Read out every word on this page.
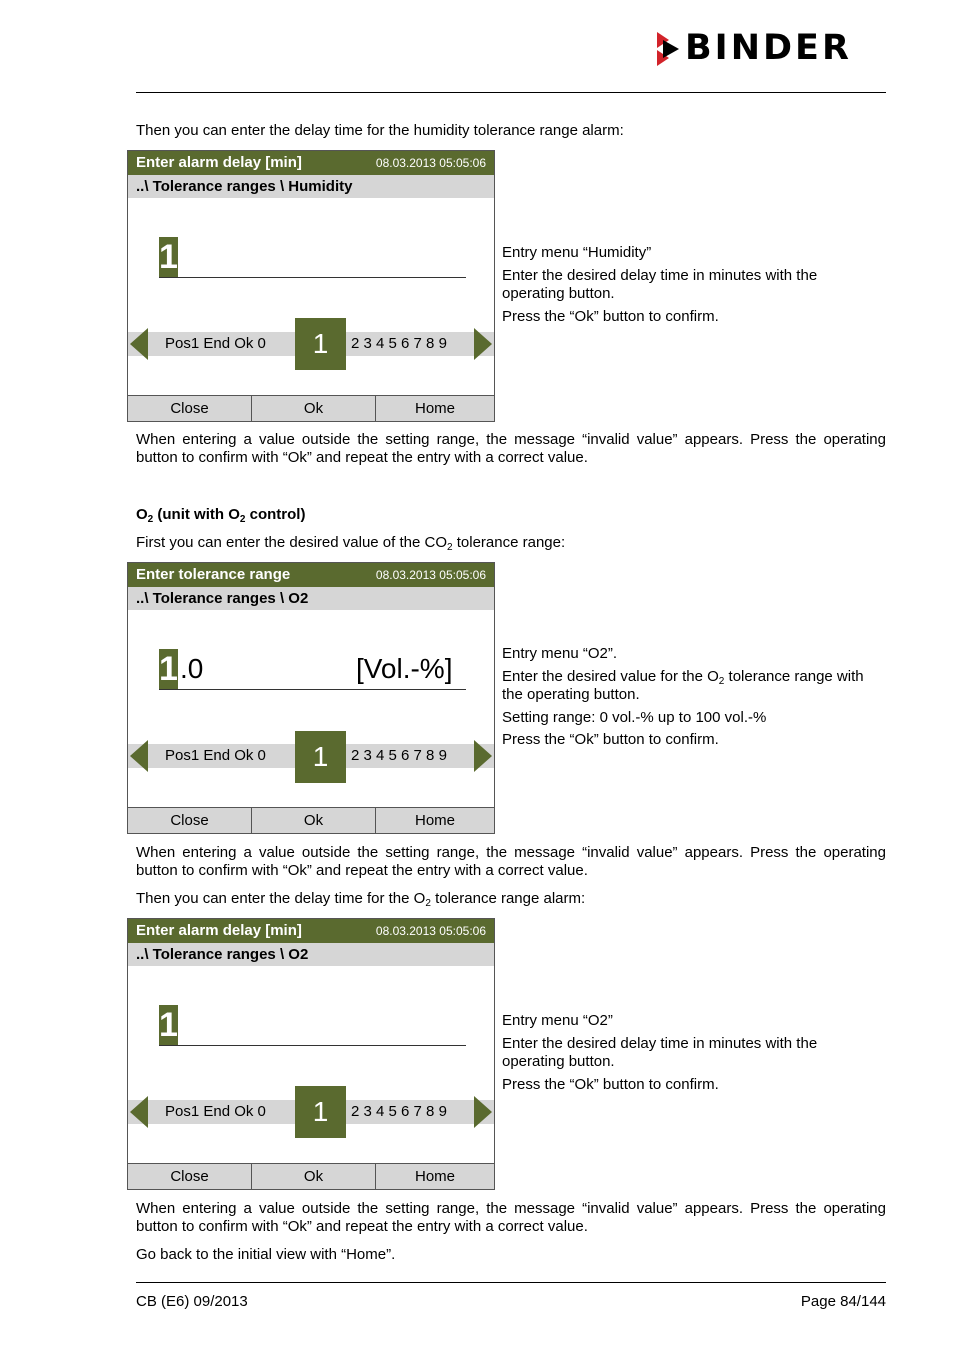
BINDER
Then you can enter the delay time for the humidity tolerance range alarm:
Enter alarm delay [min]	08.03.2013 05:05:06
..\ Tolerance ranges \ Humidity
1
Pos1 End Ok 0	2 3 4 5 6 7 8 9
1
Close	Ok	Home

Entry menu “Humidity”

Enter the desired delay time in minutes with the operating button.

Press the “Ok” button to confirm.

When entering a value outside the setting range, the message “invalid value” appears. Press the operating button to confirm with “Ok” and repeat the entry with a correct value.
$O_2$ (unit with $O_2$ control)
First you can enter the desired value of the $CO_2$ tolerance range:
Enter tolerance range	08.03.2013 05:05:06
..\ Tolerance ranges \ O2
1 .0	[Vol.-%]
Pos1 End Ok 0	2 3 4 5 6 7 8 9
1
Close	Ok	Home

Entry menu “O2”.

Enter the desired value for the $O_2$ tolerance range with the operating button.

Setting range: 0 vol.-% up to 100 vol.-%

Press the “Ok” button to confirm.

When entering a value outside the setting range, the message “invalid value” appears. Press the operating button to confirm with “Ok” and repeat the entry with a correct value.
Then you can enter the delay time for the $O_2$ tolerance range alarm:
Enter alarm delay [min]	08.03.2013 05:05:06
..\ Tolerance ranges \ O2
1
Pos1 End Ok 0	2 3 4 5 6 7 8 9
1
Close	Ok	Home

Entry menu “O2”

Enter the desired delay time in minutes with the operating button.

Press the “Ok” button to confirm.

When entering a value outside the setting range, the message “invalid value” appears. Press the operating button to confirm with “Ok” and repeat the entry with a correct value.
Go back to the initial view with “Home”.
CB (E6) 09/2013	Page 84/144
